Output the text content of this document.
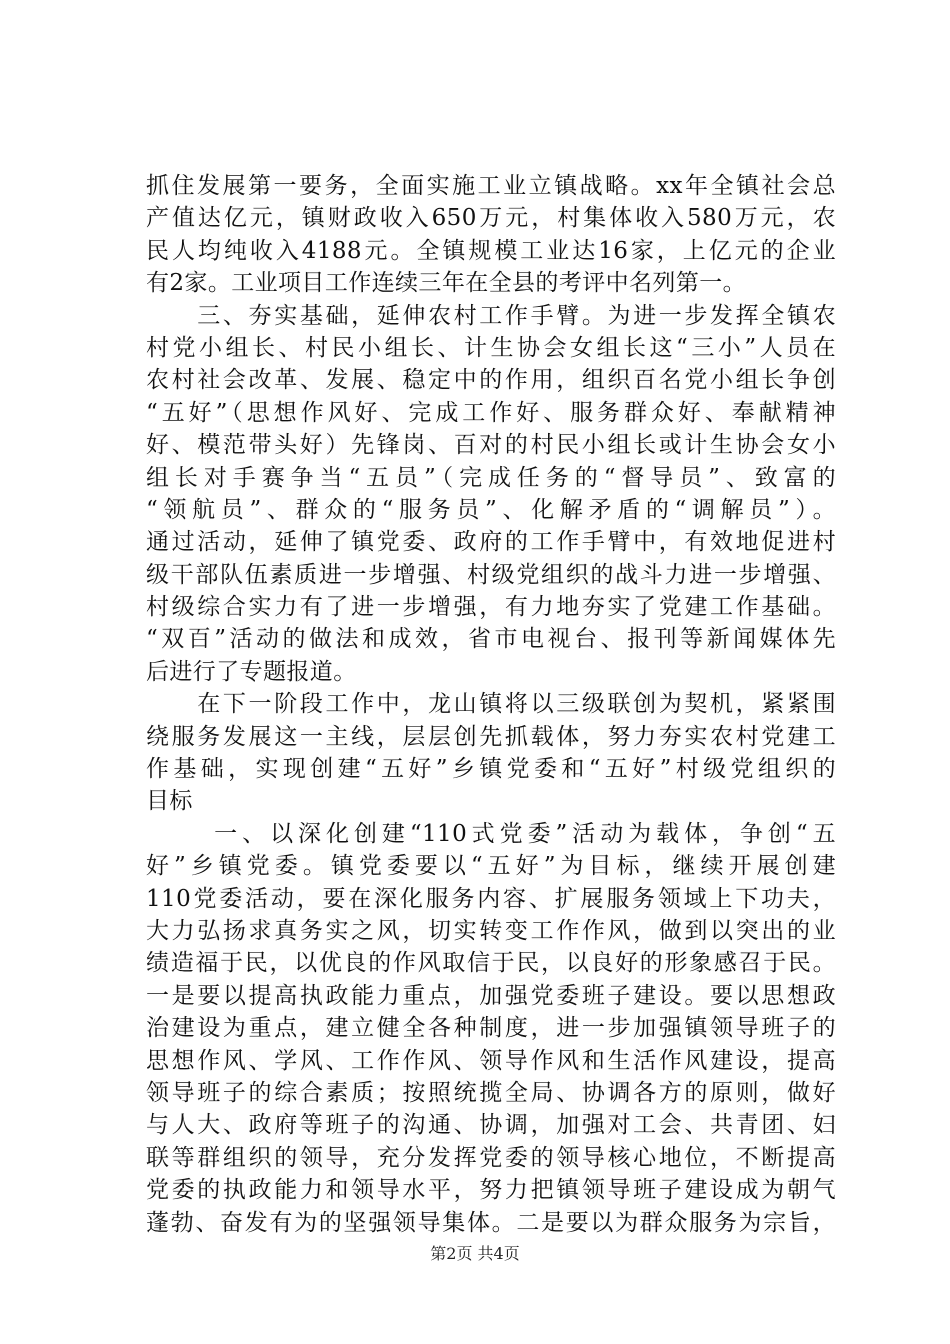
抓住发展第一要务，全面实施工业立镇战略。xx年全镇社会总
产值达亿元，镇财政收入650万元，村集体收入580万元，农
民人均纯收入4188元。全镇规模工业达16家，上亿元的企业
有2家。工业项目工作连续三年在全县的考评中名列第一。
　　三、夯实基础，延伸农村工作手臂。为进一步发挥全镇农
村党小组长、村民小组长、计生协会女组长这“三小”人员在
农村社会改革、发展、稳定中的作用，组织百名党小组长争创
“五好”（思想作风好、完成工作好、服务群众好、奉献精神
好、模范带头好）先锋岗、百对的村民小组长或计生协会女小
组长对手赛争当“五员”（完成任务的“督导员”、致富的
“领航员”、群众的“服务员”、化解矛盾的“调解员”）。
通过活动，延伸了镇党委、政府的工作手臂中，有效地促进村
级干部队伍素质进一步增强、村级党组织的战斗力进一步增强、
村级综合实力有了进一步增强，有力地夯实了党建工作基础。
“双百”活动的做法和成效，省市电视台、报刊等新闻媒体先
后进行了专题报道。
　　在下一阶段工作中，龙山镇将以三级联创为契机，紧紧围
绕服务发展这一主线，层层创先抓载体，努力夯实农村党建工
作基础，实现创建“五好”乡镇党委和“五好”村级党组织的
目标
　　 一、以深化创建“110式党委”活动为载体，争创“五
好”乡镇党委。镇党委要以“五好”为目标，继续开展创建
110党委活动，要在深化服务内容、扩展服务领域上下功夫，
大力弘扬求真务实之风，切实转变工作作风，做到以突出的业
绩造福于民，以优良的作风取信于民，以良好的形象感召于民。
一是要以提高执政能力重点，加强党委班子建设。要以思想政
治建设为重点，建立健全各种制度，进一步加强镇领导班子的
思想作风、学风、工作作风、领导作风和生活作风建设，提高
领导班子的综合素质；按照统揽全局、协调各方的原则，做好
与人大、政府等班子的沟通、协调，加强对工会、共青团、妇
联等群组织的领导，充分发挥党委的领导核心地位，不断提高
党委的执政能力和领导水平，努力把镇领导班子建设成为朝气
蓬勃、奋发有为的坚强领导集体。二是要以为群众服务为宗旨，
第2页 共4页
